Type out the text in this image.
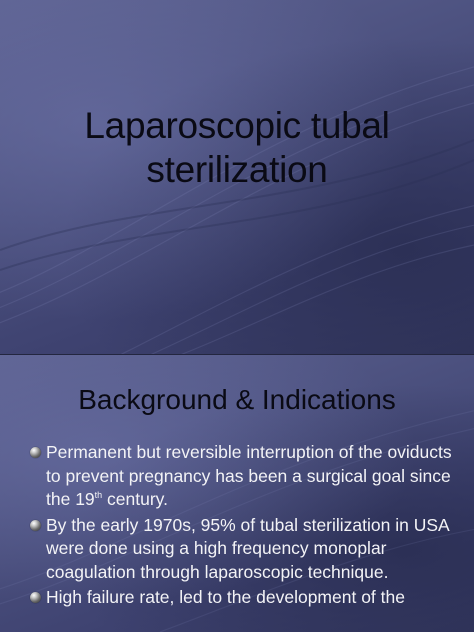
Laparoscopic tubal
sterilization
Background & Indications
Permanent but reversible interruption of the oviducts to prevent pregnancy has been a surgical goal since the 19th century.
By the early 1970s, 95% of tubal sterilization in USA were done using a high frequency monoplar coagulation through laparoscopic technique.
High failure rate, led to the development of the
